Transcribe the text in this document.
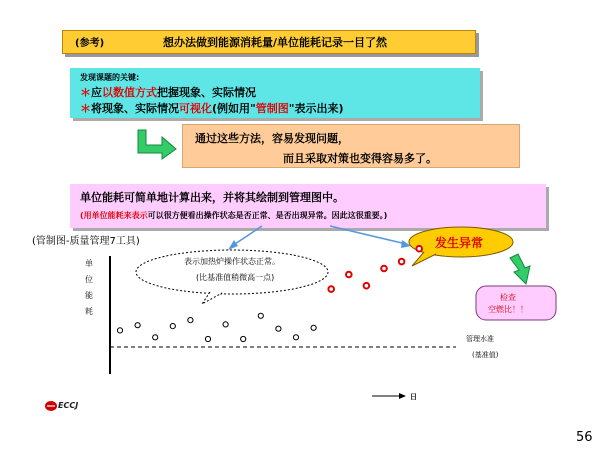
(参考)	想办法做到能源消耗量/单位能耗记录一目了然
发现课题的关键:
＊应以数值方式把握现象、实际情况
＊将现象、实际情况可视化(例如用"管制图"表示出来)
通过这些方法，容易发现问题，
而且采取对策也变得容易多了。
单位能耗可简单地计算出来，并将其绘制到管理图中。
(用单位能耗来表示可以很方便看出操作状态是否正常、是否出现异常。因此这很重要。)
(管制图-质量管理7工具)
单位能耗
表示加热炉操作状态正常。
(比基准值稍微高一点)
发生异常
检查
空燃比！！
管理水准
(基准值)
日
ECCJ
56
